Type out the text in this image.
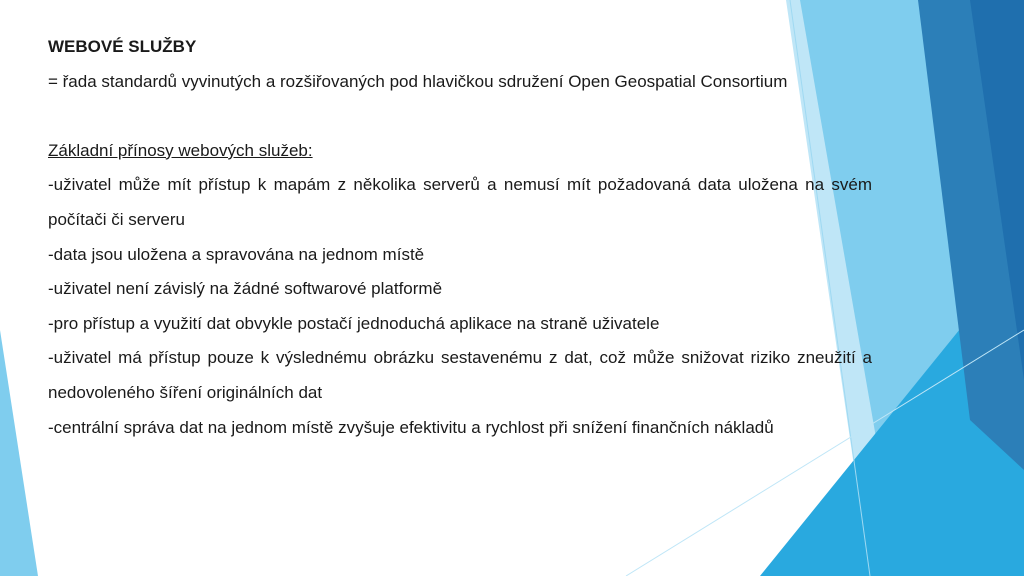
WEBOVÉ SLUŽBY

= řada standardů vyvinutých a rozšiřovaných pod hlavičkou sdružení Open Geospatial Consortium

Základní přínosy webových služeb:

-uživatel může mít přístup k mapám z několika serverů a nemusí mít požadovaná data uložena na svém počítači či serveru

-data jsou uložena a spravována na jednom místě

-uživatel není závislý na žádné softwarové platformě

-pro přístup a využití dat obvykle postačí jednoduchá aplikace na straně uživatele

-uživatel má přístup pouze k výslednému obrázku sestavenému z dat, což může snižovat riziko zneužití a nedovoleného šíření originálních dat

-centrální správa dat na jednom místě zvyšuje efektivitu a rychlost při snížení finančních nákladů
